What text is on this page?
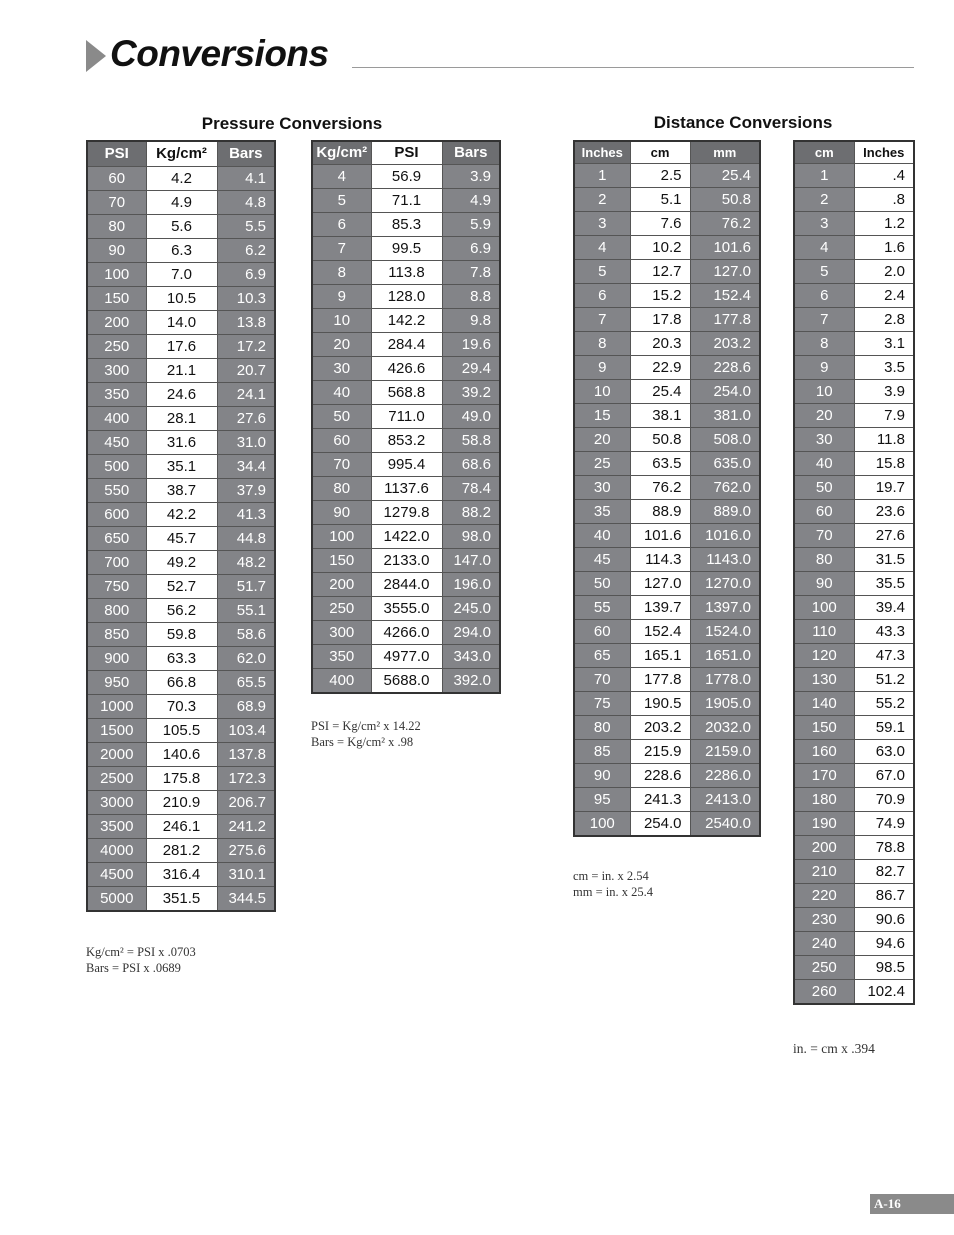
Conversions
Pressure Conversions	Distance Conversions
PSI	Kg/cm²	Bars
60	4.2	4.1
70	4.9	4.8
80	5.6	5.5
90	6.3	6.2
100	7.0	6.9
150	10.5	10.3
200	14.0	13.8
250	17.6	17.2
300	21.1	20.7
350	24.6	24.1
400	28.1	27.6
450	31.6	31.0
500	35.1	34.4
550	38.7	37.9
600	42.2	41.3
650	45.7	44.8
700	49.2	48.2
750	52.7	51.7
800	56.2	55.1
850	59.8	58.6
900	63.3	62.0
950	66.8	65.5
1000	70.3	68.9
1500	105.5	103.4
2000	140.6	137.8
2500	175.8	172.3
3000	210.9	206.7
3500	246.1	241.2
4000	281.2	275.6
4500	316.4	310.1
5000	351.5	344.5
Kg/cm² = PSI x .0703
Bars = PSI x .0689
Kg/cm²	PSI	Bars
4	56.9	3.9
5	71.1	4.9
6	85.3	5.9
7	99.5	6.9
8	113.8	7.8
9	128.0	8.8
10	142.2	9.8
20	284.4	19.6
30	426.6	29.4
40	568.8	39.2
50	711.0	49.0
60	853.2	58.8
70	995.4	68.6
80	1137.6	78.4
90	1279.8	88.2
100	1422.0	98.0
150	2133.0	147.0
200	2844.0	196.0
250	3555.0	245.0
300	4266.0	294.0
350	4977.0	343.0
400	5688.0	392.0
PSI = Kg/cm² x 14.22
Bars = Kg/cm² x .98
Inches	cm	mm
1	2.5	25.4
2	5.1	50.8
3	7.6	76.2
4	10.2	101.6
5	12.7	127.0
6	15.2	152.4
7	17.8	177.8
8	20.3	203.2
9	22.9	228.6
10	25.4	254.0
15	38.1	381.0
20	50.8	508.0
25	63.5	635.0
30	76.2	762.0
35	88.9	889.0
40	101.6	1016.0
45	114.3	1143.0
50	127.0	1270.0
55	139.7	1397.0
60	152.4	1524.0
65	165.1	1651.0
70	177.8	1778.0
75	190.5	1905.0
80	203.2	2032.0
85	215.9	2159.0
90	228.6	2286.0
95	241.3	2413.0
100	254.0	2540.0
cm = in. x 2.54
mm = in. x 25.4
cm	Inches
1	.4
2	.8
3	1.2
4	1.6
5	2.0
6	2.4
7	2.8
8	3.1
9	3.5
10	3.9
20	7.9
30	11.8
40	15.8
50	19.7
60	23.6
70	27.6
80	31.5
90	35.5
100	39.4
110	43.3
120	47.3
130	51.2
140	55.2
150	59.1
160	63.0
170	67.0
180	70.9
190	74.9
200	78.8
210	82.7
220	86.7
230	90.6
240	94.6
250	98.5
260	102.4
in. = cm x .394
A-16
